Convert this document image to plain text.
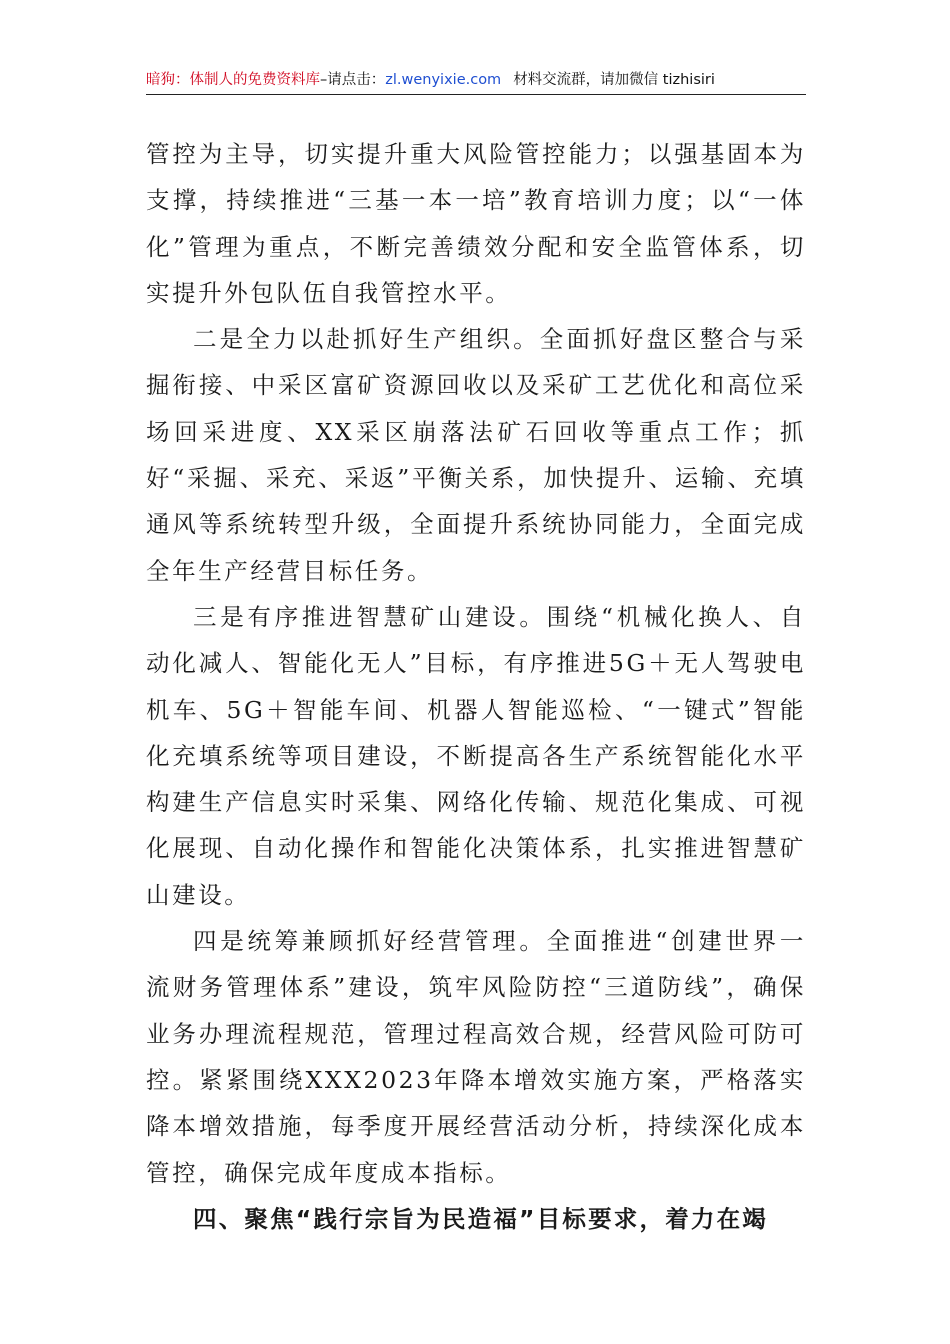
暗狗：体制人的免费资料库–请点击：zl.wenyixie.com 材料交流群，请加微信 tizhisiri

管控为主导，切实提升重大风险管控能力；以强基固本为支撑，持续推进“三基一本一培”教育培训力度；以“一体化”管理为重点，不断完善绩效分配和安全监管体系，切实提升外包队伍自我管控水平。

二是全力以赴抓好生产组织。全面抓好盘区整合与采掘衔接、中采区富矿资源回收以及采矿工艺优化和高位采场回采进度、XX采区崩落法矿石回收等重点工作；抓好“采掘、采充、采返”平衡关系，加快提升、运输、充填通风等系统转型升级，全面提升系统协同能力，全面完成全年生产经营目标任务。

三是有序推进智慧矿山建设。围绕“机械化换人、自动化减人、智能化无人”目标，有序推进5G＋无人驾驶电机车、5G＋智能车间、机器人智能巡检、“一键式”智能化充填系统等项目建设，不断提高各生产系统智能化水平构建生产信息实时采集、网络化传输、规范化集成、可视化展现、自动化操作和智能化决策体系，扎实推进智慧矿山建设。

四是统筹兼顾抓好经营管理。全面推进“创建世界一流财务管理体系”建设，筑牢风险防控“三道防线”，确保业务办理流程规范，管理过程高效合规，经营风险可防可控。紧紧围绕XXX2023年降本增效实施方案，严格落实降本增效措施，每季度开展经营活动分析，持续深化成本管控，确保完成年度成本指标。

四、聚焦“践行宗旨为民造福”目标要求，着力在竭
